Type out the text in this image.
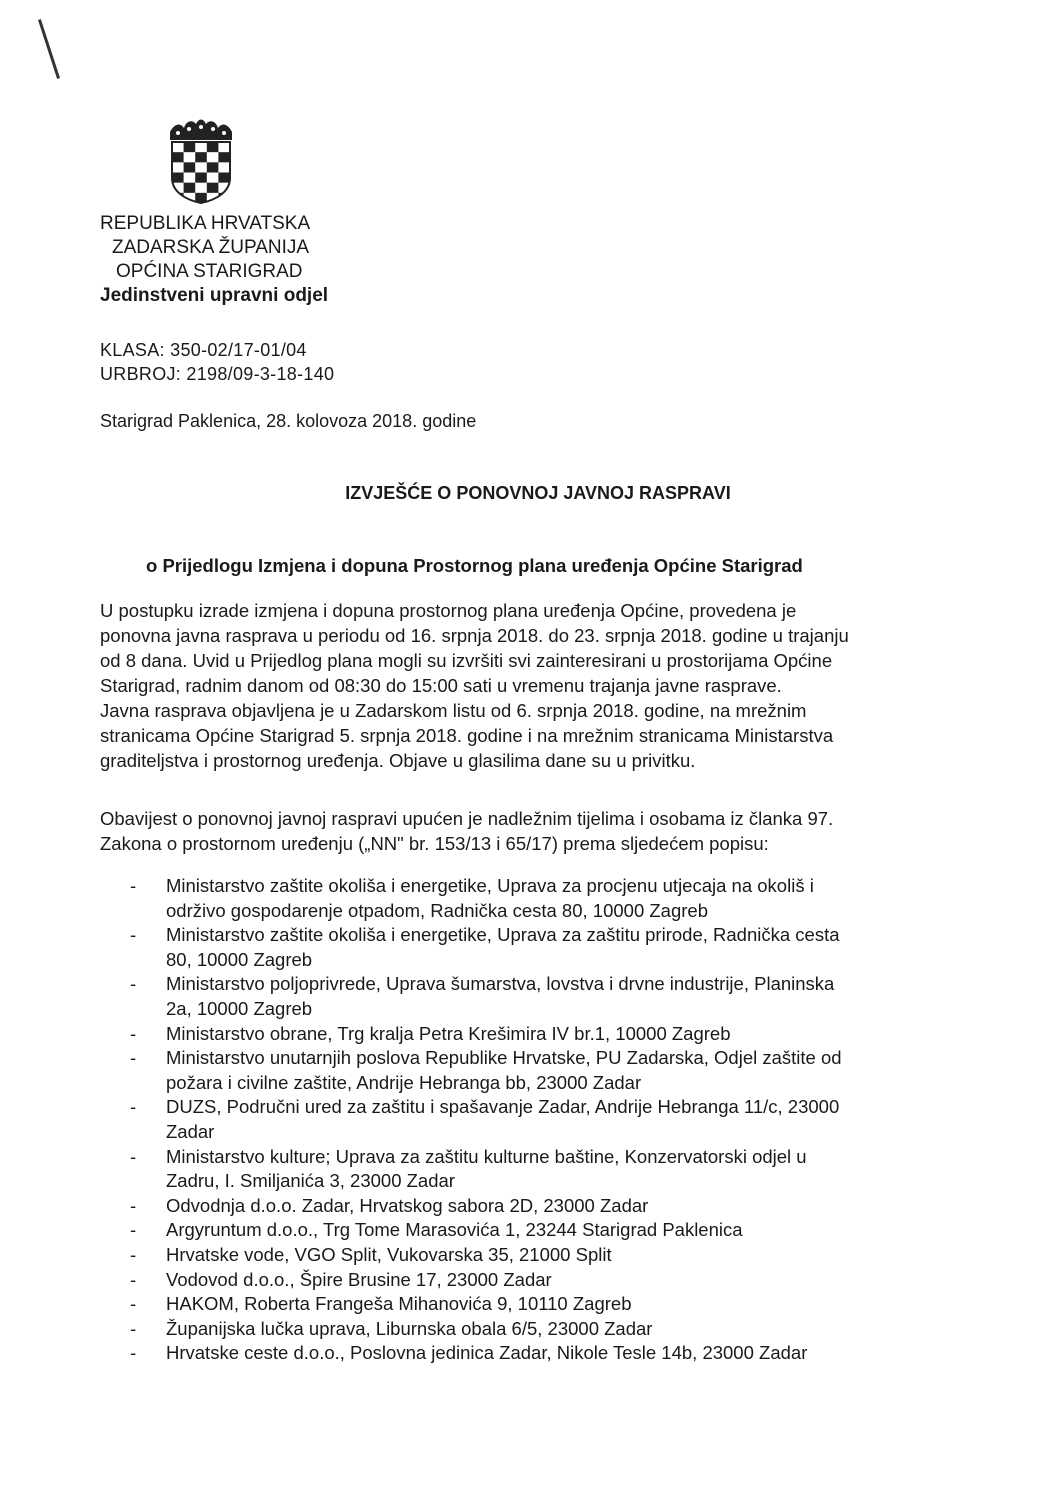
REPUBLIKA HRVATSKA
ZADARSKA ŽUPANIJA
OPĆINA STARIGRAD
Jedinstveni upravni odjel
KLASA: 350-02/17-01/04
URBROJ: 2198/09-3-18-140
Starigrad Paklenica, 28. kolovoza 2018. godine
IZVJEŠĆE O PONOVNOJ JAVNOJ RASPRAVI
o Prijedlogu Izmjena i dopuna Prostornog plana uređenja Općine Starigrad
U postupku izrade izmjena i dopuna prostornog plana uređenja Općine, provedena je
ponovna javna rasprava u periodu od 16. srpnja 2018. do 23. srpnja 2018. godine u trajanju
od 8 dana. Uvid u Prijedlog plana mogli su izvršiti svi zainteresirani u prostorijama Općine
Starigrad, radnim danom od 08:30 do 15:00 sati u vremenu trajanja javne rasprave.
Javna rasprava objavljena je u Zadarskom listu od 6. srpnja 2018. godine, na mrežnim
stranicama Općine Starigrad 5. srpnja 2018. godine i na mrežnim stranicama Ministarstva
graditeljstva i prostornog uređenja. Objave u glasilima dane su u privitku.
Obavijest o ponovnoj javnoj raspravi upućen je nadležnim tijelima i osobama iz članka 97.
Zakona o prostornom uređenju („NN" br. 153/13 i 65/17) prema sljedećem popisu:
- Ministarstvo zaštite okoliša i energetike, Uprava za procjenu utjecaja na okoliš i
održivo gospodarenje otpadom, Radnička cesta 80, 10000 Zagreb
- Ministarstvo zaštite okoliša i energetike, Uprava za zaštitu prirode, Radnička cesta
80, 10000 Zagreb
- Ministarstvo poljoprivrede, Uprava šumarstva, lovstva i drvne industrije, Planinska
2a, 10000 Zagreb
- Ministarstvo obrane, Trg kralja Petra Krešimira IV br.1, 10000 Zagreb
- Ministarstvo unutarnjih poslova Republike Hrvatske, PU Zadarska, Odjel zaštite od
požara i civilne zaštite, Andrije Hebranga bb, 23000 Zadar
- DUZS, Područni ured za zaštitu i spašavanje Zadar, Andrije Hebranga 11/c, 23000
Zadar
- Ministarstvo kulture; Uprava za zaštitu kulturne baštine, Konzervatorski odjel u
Zadru, I. Smiljanića 3, 23000 Zadar
- Odvodnja d.o.o. Zadar, Hrvatskog sabora 2D, 23000 Zadar
- Argyruntum d.o.o., Trg Tome Marasovića 1, 23244 Starigrad Paklenica
- Hrvatske vode, VGO Split, Vukovarska 35, 21000 Split
- Vodovod d.o.o., Špire Brusine 17, 23000 Zadar
- HAKOM, Roberta Frangeša Mihanovića 9, 10110 Zagreb
- Županijska lučka uprava, Liburnska obala 6/5, 23000 Zadar
- Hrvatske ceste d.o.o., Poslovna jedinica Zadar, Nikole Tesle 14b, 23000 Zadar
